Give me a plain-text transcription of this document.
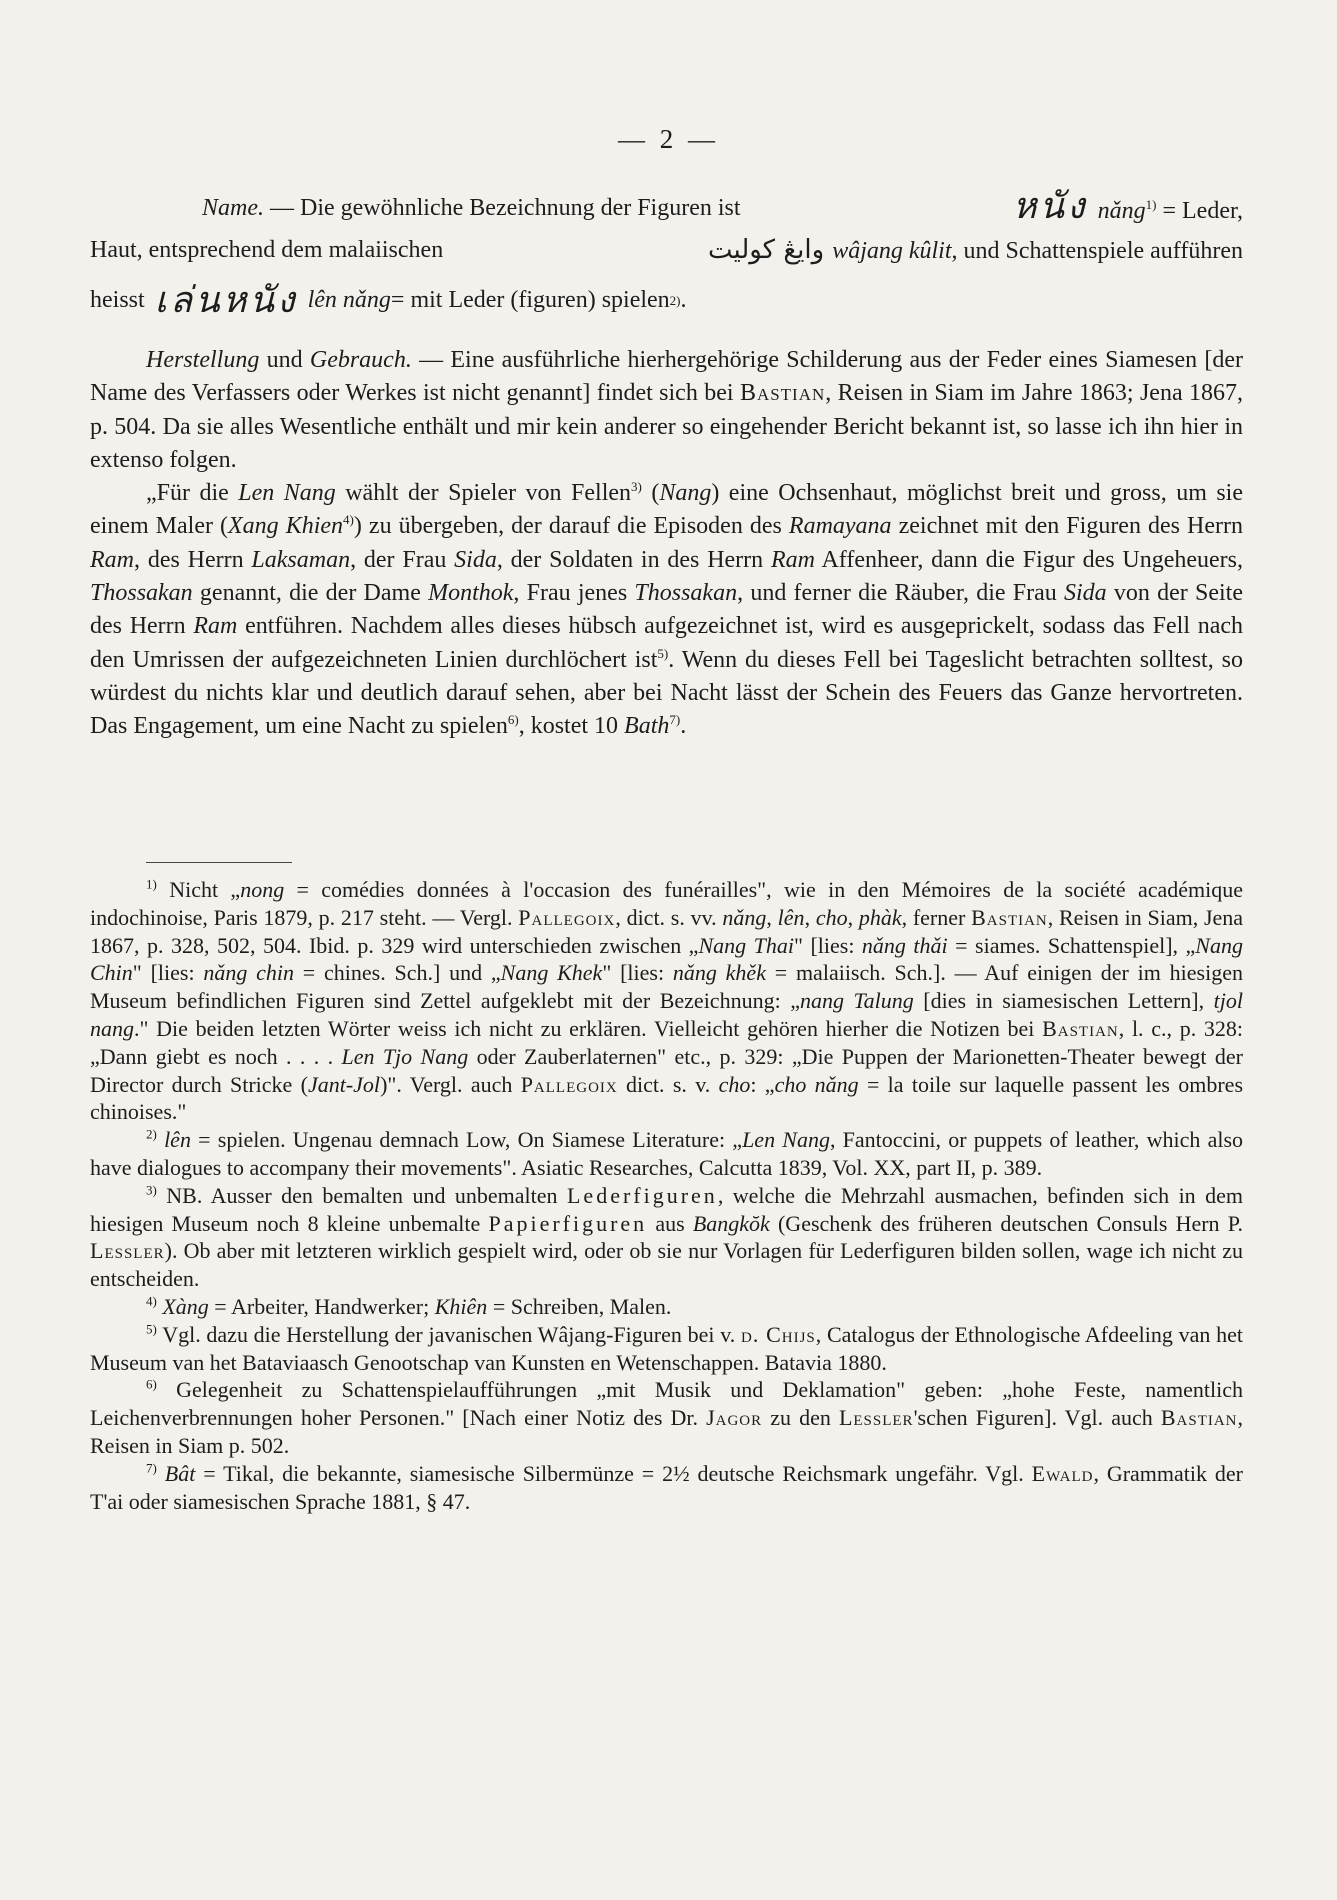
— 2 —
Name. — Die gewöhnliche Bezeichnung der Figuren ist	หนัง nǎng$^{1)}$ = Leder,
Haut, entsprechend dem malaiischen	وايڠ كوليت wâjang kûlit, und Schattenspiele aufführen
heisst เล่นหนัง lên nǎng = mit Leder (figuren) spielen 2) .

Herstellung und Gebrauch. — Eine ausführliche hierhergehörige Schilderung aus der Feder eines Siamesen [der Name des Verfassers oder Werkes ist nicht genannt] findet sich bei Bastian, Reisen in Siam im Jahre 1863; Jena 1867, p. 504. Da sie alles Wesentliche enthält und mir kein anderer so eingehender Bericht bekannt ist, so lasse ich ihn hier in extenso folgen.

„Für die Len Nang wählt der Spieler von Fellen$^{3)}$ (Nang) eine Ochsenhaut, möglichst breit und gross, um sie einem Maler (Xang Khien$^{4)}$) zu übergeben, der darauf die Episoden des Ramayana zeichnet mit den Figuren des Herrn Ram, des Herrn Laksaman, der Frau Sida, der Soldaten in des Herrn Ram Affenheer, dann die Figur des Ungeheuers, Thossakan genannt, die der Dame Monthok, Frau jenes Thossakan, und ferner die Räuber, die Frau Sida von der Seite des Herrn Ram entführen. Nachdem alles dieses hübsch aufgezeichnet ist, wird es ausgeprickelt, sodass das Fell nach den Umrissen der aufgezeichneten Linien durchlöchert ist$^{5)}$. Wenn du dieses Fell bei Tageslicht betrachten solltest, so würdest du nichts klar und deutlich darauf sehen, aber bei Nacht lässt der Schein des Feuers das Ganze hervortreten. Das Engagement, um eine Nacht zu spielen$^{6)}$, kostet 10 Bath$^{7)}$.

$^{1)}$ Nicht „nong = comédies données à l'occasion des funérailles", wie in den Mémoires de la société académique indochinoise, Paris 1879, p. 217 steht. — Vergl. Pallegoix, dict. s. vv. nǎng, lên, cho, phàk, ferner Bastian, Reisen in Siam, Jena 1867, p. 328, 502, 504. Ibid. p. 329 wird unterschieden zwischen „Nang Thai" [lies: nǎng thǎi = siames. Schattenspiel], „Nang Chin" [lies: nǎng chin = chines. Sch.] und „Nang Khek" [lies: nǎng khěk = malaiisch. Sch.]. — Auf einigen der im hiesigen Museum befindlichen Figuren sind Zettel aufgeklebt mit der Bezeichnung: „nang Talung [dies in siamesischen Lettern], tjol nang." Die beiden letzten Wörter weiss ich nicht zu erklären. Vielleicht gehören hierher die Notizen bei Bastian, l. c., p. 328: „Dann giebt es noch . . . . Len Tjo Nang oder Zauberlaternen" etc., p. 329: „Die Puppen der Marionetten-Theater bewegt der Director durch Stricke (Jant-Jol)". Vergl. auch Pallegoix dict. s. v. cho: „cho nǎng = la toile sur laquelle passent les ombres chinoises."

$^{2)}$ lên = spielen. Ungenau demnach Low, On Siamese Literature: „Len Nang, Fantoccini, or puppets of leather, which also have dialogues to accompany their movements". Asiatic Researches, Calcutta 1839, Vol. XX, part II, p. 389.

$^{3)}$ NB. Ausser den bemalten und unbemalten Lederfiguren, welche die Mehrzahl ausmachen, befinden sich in dem hiesigen Museum noch 8 kleine unbemalte Papierfiguren aus Bangkŏk (Geschenk des früheren deutschen Consuls Hern P. Lessler). Ob aber mit letzteren wirklich gespielt wird, oder ob sie nur Vorlagen für Lederfiguren bilden sollen, wage ich nicht zu entscheiden.

$^{4)}$ Xàng = Arbeiter, Handwerker; Khiên = Schreiben, Malen.

$^{5)}$ Vgl. dazu die Herstellung der javanischen Wâjang-Figuren bei v. d. Chijs, Catalogus der Ethnologische Afdeeling van het Museum van het Bataviaasch Genootschap van Kunsten en Wetenschappen. Batavia 1880.

$^{6)}$ Gelegenheit zu Schattenspielaufführungen „mit Musik und Deklamation" geben: „hohe Feste, namentlich Leichenverbrennungen hoher Personen." [Nach einer Notiz des Dr. Jagor zu den Lessler'schen Figuren]. Vgl. auch Bastian, Reisen in Siam p. 502.

$^{7)}$ Bât = Tikal, die bekannte, siamesische Silbermünze = 2½ deutsche Reichsmark ungefähr. Vgl. Ewald, Grammatik der T'ai oder siamesischen Sprache 1881, § 47.
